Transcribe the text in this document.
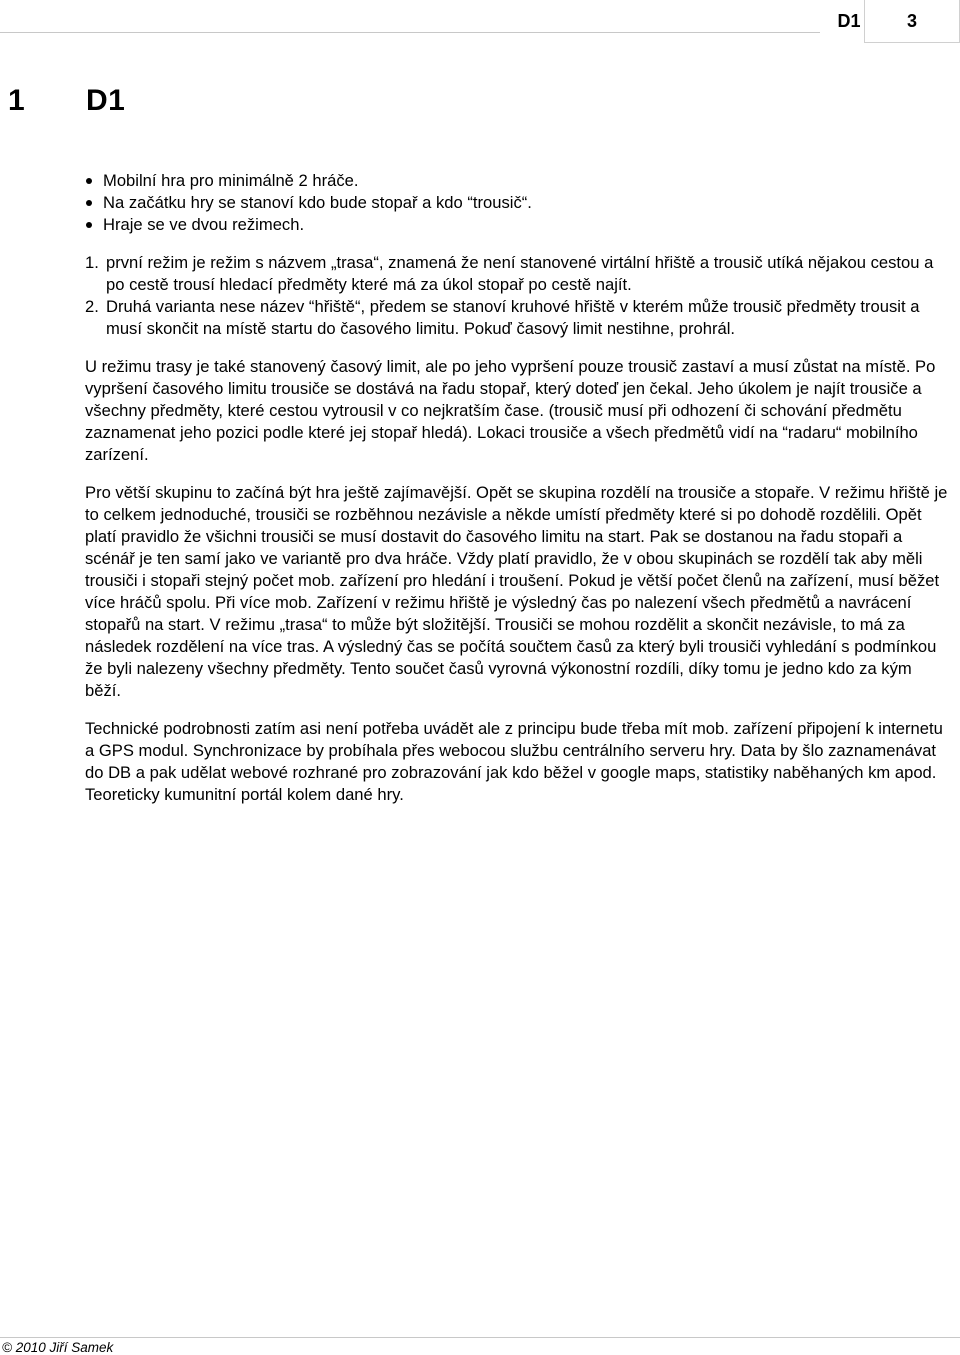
D1	3
1	D1
Mobilní hra pro minimálně 2 hráče.
Na začátku hry se stanoví kdo bude stopař a kdo “trousič“.
Hraje se ve dvou režimech.
1. první režim je režim s názvem „trasa“, znamená že není stanovené virtální hřiště a trousič utíká nějakou cestou a po cestě trousí hledací předměty které má za úkol stopař po cestě najít.
2. Druhá varianta nese název “hřiště“, předem se stanoví kruhové hřiště v kterém může trousič předměty trousit a musí skončit na místě startu do časového limitu. Pokuď časový limit nestihne, prohrál.

U režimu trasy je také stanovený časový limit, ale po jeho vypršení pouze trousič zastaví a musí zůstat na místě. Po vypršení časového limitu trousiče se dostává na řadu stopař, který doteď jen čekal. Jeho úkolem je najít trousiče a všechny předměty, které cestou vytrousil v co nejkratším čase. (trousič musí při odhození či schování předmětu zaznamenat jeho pozici podle které jej stopař hledá). Lokaci trousiče a všech předmětů vidí na “radaru“ mobilního zarízení.

Pro větší skupinu to začíná být hra ještě zajímavější. Opět se skupina rozdělí na trousiče a stopaře. V režimu hřiště je to celkem jednoduché, trousiči se rozběhnou nezávisle a někde umístí předměty které si po dohodě rozdělili. Opět platí pravidlo že všichni trousiči se musí dostavit do časového limitu na start. Pak se dostanou na řadu stopaři a scénář je ten samí jako ve variantě pro dva hráče. Vždy platí pravidlo, že v obou skupinách se rozdělí tak aby měli trousiči i stopaři stejný počet mob. zařízení pro hledání i troušení. Pokud je větší počet členů na zařízení, musí běžet více hráčů spolu. Při více mob. Zařízení v režimu hřiště je výsledný čas po nalezení všech předmětů a navrácení stopařů na start. V režimu „trasa“ to může být složitější. Trousiči se mohou rozdělit a skončit nezávisle, to má za následek rozdělení na více tras. A výsledný čas se počítá součtem časů za který byli trousiči vyhledání s podmínkou že byli nalezeny všechny předměty. Tento součet časů vyrovná výkonostní rozdíli, díky tomu je jedno kdo za kým běží.

Technické podrobnosti zatím asi není potřeba uvádět ale z principu bude třeba mít mob. zařízení připojení k internetu a GPS modul. Synchronizace by probíhala přes webocou službu centrálního serveru hry. Data by šlo zaznamenávat do DB a pak udělat webové rozhrané pro zobrazování jak kdo běžel v google maps, statistiky naběhaných km apod. Teoreticky kumunitní portál kolem dané hry.

© 2010 Jiří Samek
